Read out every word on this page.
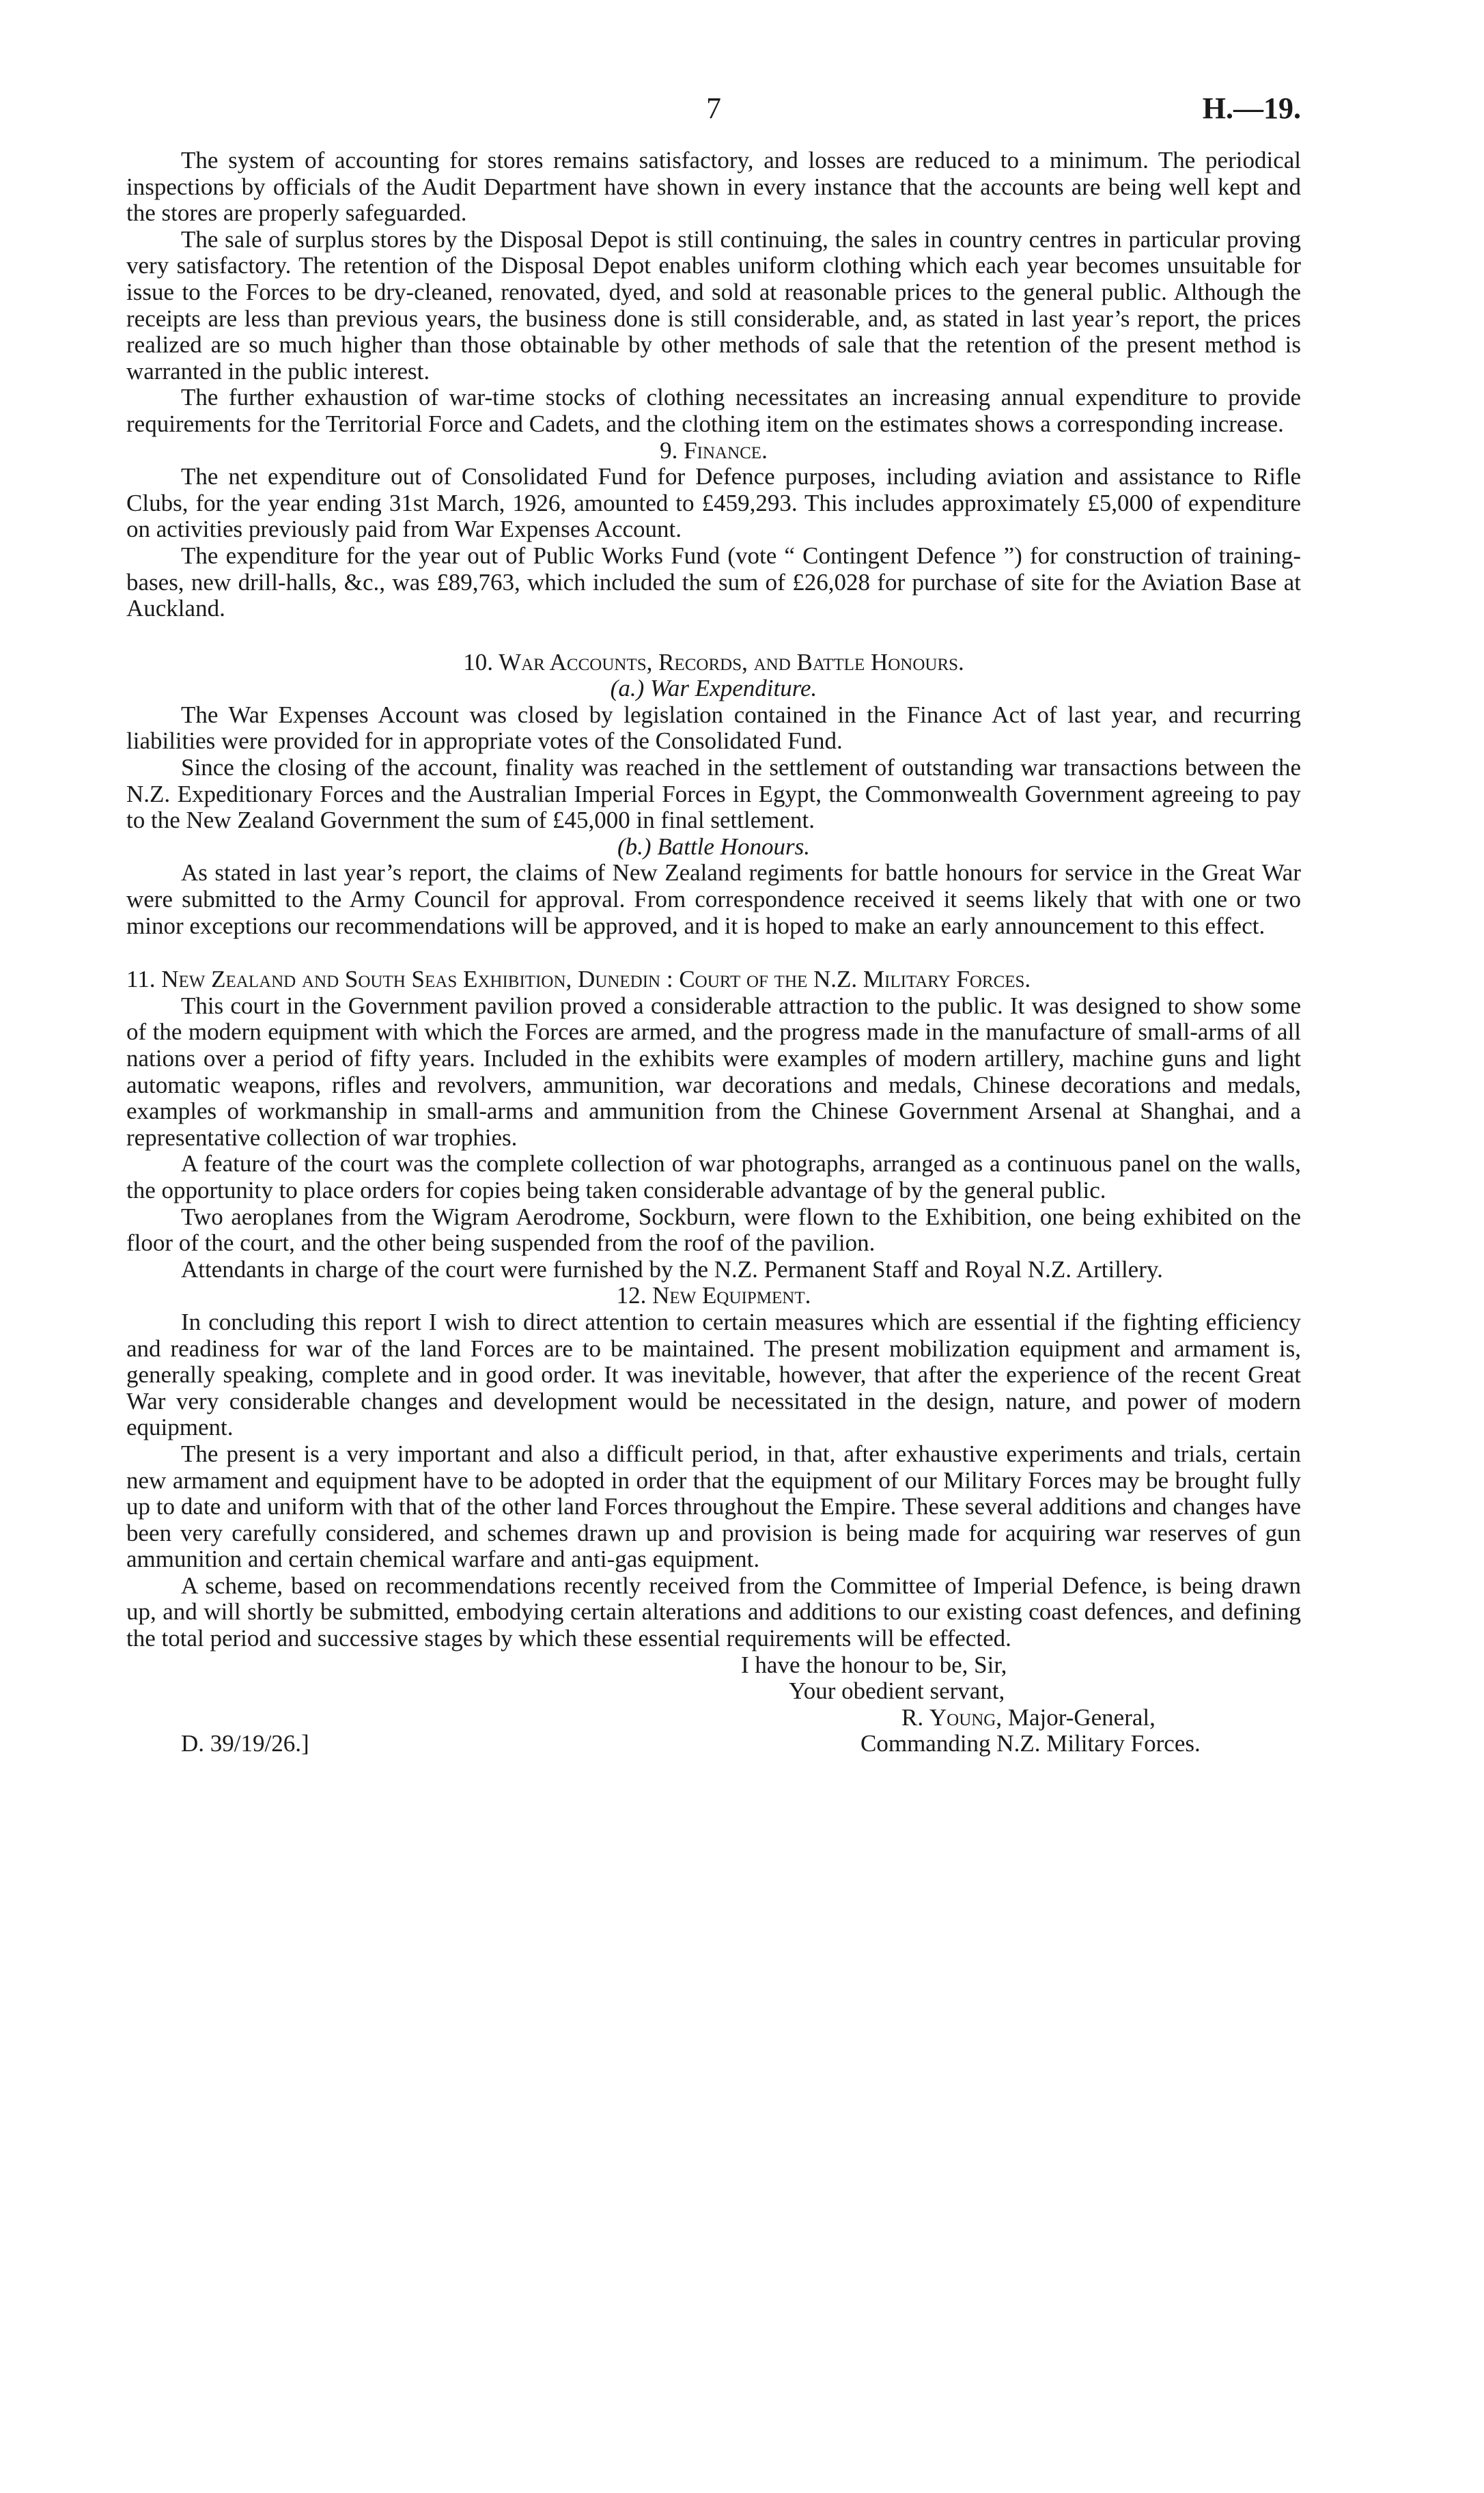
7	H.—19.

The system of accounting for stores remains satisfactory, and losses are reduced to a minimum. The periodical inspections by officials of the Audit Department have shown in every instance that the accounts are being well kept and the stores are properly safeguarded.

The sale of surplus stores by the Disposal Depot is still continuing, the sales in country centres in particular proving very satisfactory. The retention of the Disposal Depot enables uniform clothing which each year becomes unsuitable for issue to the Forces to be dry-cleaned, renovated, dyed, and sold at reasonable prices to the general public. Although the receipts are less than previous years, the business done is still considerable, and, as stated in last year’s report, the prices realized are so much higher than those obtainable by other methods of sale that the retention of the present method is warranted in the public interest.

The further exhaustion of war-time stocks of clothing necessitates an increasing annual expenditure to provide requirements for the Territorial Force and Cadets, and the clothing item on the estimates shows a corresponding increase.

9. Finance.

The net expenditure out of Consolidated Fund for Defence purposes, including aviation and assistance to Rifle Clubs, for the year ending 31st March, 1926, amounted to £459,293. This includes approximately £5,000 of expenditure on activities previously paid from War Expenses Account.

The expenditure for the year out of Public Works Fund (vote “ Contingent Defence ”) for construction of training-bases, new drill-halls, &c., was £89,763, which included the sum of £26,028 for purchase of site for the Aviation Base at Auckland.

10. War Accounts, Records, and Battle Honours.
(a.) War Expenditure.

The War Expenses Account was closed by legislation contained in the Finance Act of last year, and recurring liabilities were provided for in appropriate votes of the Consolidated Fund.

Since the closing of the account, finality was reached in the settlement of outstanding war transactions between the N.Z. Expeditionary Forces and the Australian Imperial Forces in Egypt, the Commonwealth Government agreeing to pay to the New Zealand Government the sum of £45,000 in final settlement.

(b.) Battle Honours.

As stated in last year’s report, the claims of New Zealand regiments for battle honours for service in the Great War were submitted to the Army Council for approval. From correspondence received it seems likely that with one or two minor exceptions our recommendations will be approved, and it is hoped to make an early announcement to this effect.

11. New Zealand and South Seas Exhibition, Dunedin : Court of the N.Z. Military Forces.

This court in the Government pavilion proved a considerable attraction to the public. It was designed to show some of the modern equipment with which the Forces are armed, and the progress made in the manufacture of small-arms of all nations over a period of fifty years. Included in the exhibits were examples of modern artillery, machine guns and light automatic weapons, rifles and revolvers, ammunition, war decorations and medals, Chinese decorations and medals, examples of workmanship in small-arms and ammunition from the Chinese Government Arsenal at Shanghai, and a representative collection of war trophies.

A feature of the court was the complete collection of war photographs, arranged as a continuous panel on the walls, the opportunity to place orders for copies being taken considerable advantage of by the general public.

Two aeroplanes from the Wigram Aerodrome, Sockburn, were flown to the Exhibition, one being exhibited on the floor of the court, and the other being suspended from the roof of the pavilion.

Attendants in charge of the court were furnished by the N.Z. Permanent Staff and Royal N.Z. Artillery.

12. New Equipment.

In concluding this report I wish to direct attention to certain measures which are essential if the fighting efficiency and readiness for war of the land Forces are to be maintained. The present mobilization equipment and armament is, generally speaking, complete and in good order. It was inevitable, however, that after the experience of the recent Great War very considerable changes and development would be necessitated in the design, nature, and power of modern equipment.

The present is a very important and also a difficult period, in that, after exhaustive experiments and trials, certain new armament and equipment have to be adopted in order that the equipment of our Military Forces may be brought fully up to date and uniform with that of the other land Forces throughout the Empire. These several additions and changes have been very carefully considered, and schemes drawn up and provision is being made for acquiring war reserves of gun ammunition and certain chemical warfare and anti-gas equipment.

A scheme, based on recommendations recently received from the Committee of Imperial Defence, is being drawn up, and will shortly be submitted, embodying certain alterations and additions to our existing coast defences, and defining the total period and successive stages by which these essential requirements will be effected.

I have the honour to be, Sir,
Your obedient servant,
R. Young, Major-General,
D. 39/19/26.]	Commanding N.Z. Military Forces.
